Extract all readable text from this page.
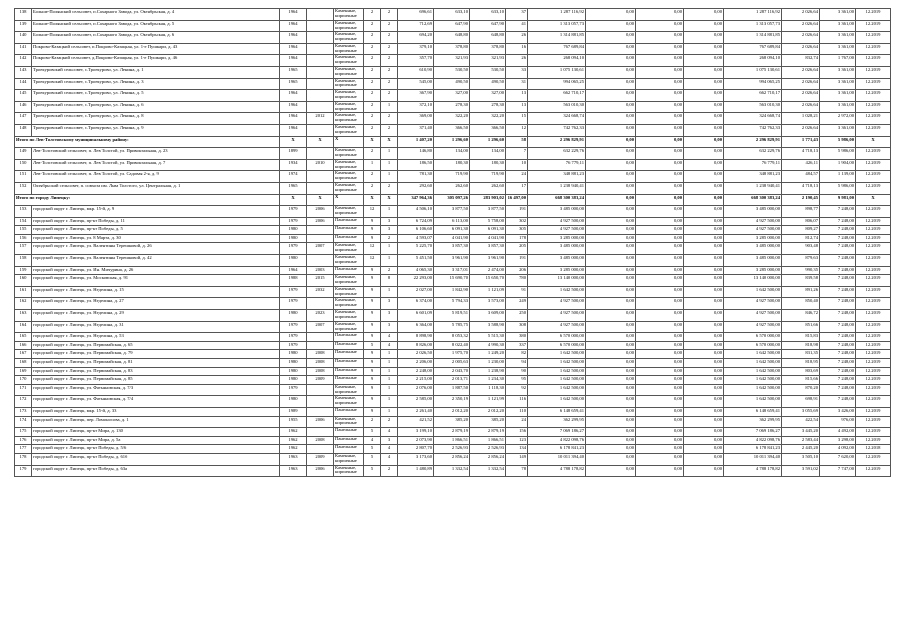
138	Больше-Полянский сельсовет, п.Сахарного Завода, ул. Октябрьская, д. 4	1964		Каменные, кирпичные	2	2	696,61	633,10	633,10	37	1 287 116,92	0,00	0,00	0,00	1 287 116,92	2 026,64	3 361,00	12.2019
139	Больше-Полянский сельсовет, п.Сахарного Завода, ул. Октябрьская, д. 5	1964		Каменные, кирпичные	2	2	712,69	647,90	647,90	41	1 313 057,73	0,00	0,00	0,00	1 313 057,73	2 026,64	3 361,00	12.2019
140	Больше-Полянский сельсовет, п.Сахарного Завода, ул. Октябрьская, д. 6	1964		Каменные, кирпичные	2	2	694,20	648,80	648,80	26	1 314 881,85	0,00	0,00	0,00	1 314 881,85	2 026,64	3 361,00	12.2019
141	Покрово-Казацкий сельсовет, п.Покрово-Казацкая, ул. 1-е Пушкари, д. 43	1964		Каменные, кирпичные	2	2	379,10	378,80	378,80	16	767 689,84	0,00	0,00	0,00	767 689,84	2 026,64	3 361,00	12.2019
142	Покрово-Казацкий сельсовет, д.Покрово-Казацкая, ул. 1-е Пушкари, д. 46	1964		Каменные, кирпичные	2	2	357,70	321,93	321,93	26	268 094,10	0,00	0,00	0,00	268 094,10	832,74	1 767,00	12.2019
143	Троекуровский сельсовет, с.Троекурово, ул. Ленина, д. 1	1965		Каменные, кирпичные	2	2	610,90	530,50	530,50	33	1 075 130,61	0,00	0,00	0,00	1 075 130,61	2 026,64	3 361,00	12.2019
144	Троекуровский сельсовет, с.Троекурово, ул. Ленина, д. 3	1965		Каменные, кирпичные	2	2	545,00	490,50	490,50	31	994 065,25	0,00	0,00	0,00	994 065,25	2 026,64	3 361,00	12.2019
145	Троекуровский сельсовет, с.Троекурово, ул. Ленина, д. 5	1964		Каменные, кирпичные	2	2	367,90	327,00	327,00	13	662 710,17	0,00	0,00	0,00	662 710,17	2 026,64	3 361,00	12.2019
146	Троекуровский сельсовет, с.Троекурово, ул. Ленина, д. 6	1964		Каменные, кирпичные	2	1	372,10	278,30	278,30	13	563 010,30	0,00	0,00	0,00	563 010,30	2 026,64	3 361,00	12.2019
147	Троекуровский сельсовет, с.Троекурово, ул. Ленина, д. 8	1964	2012	Каменные, кирпичные	2	2	369,00	322,20	322,20	15	324 668,74	0,00	0,00	0,00	324 668,74	1 028,21	2 972,00	12.2019
148	Троекуровский сельсовет, с.Троекурово, ул. Ленина, д. 9	1964		Каменные, кирпичные	2	2	371,40	366,50	366,50	12	742 762,33	0,00	0,00	0,00	742 762,33	2 026,64	3 361,00	12.2019
Итого по Лев-Толстовскому муниципальному району:		X	X	X	X	X	1 407,20	1 296,60	1 296,60	58	2 296 829,91	0,00	0,00	0,00	2 296 829,91	1 771,43	5 986,00	X
149	Лев-Толстовский сельсовет, п. Лев Толстой, ул. Привокзальная, д. 23	1899		Каменные, кирпичные	2	1	146,80	134,00	134,00	7	632 229,76	0,00	0,00	0,00	632 229,76	4 718,13	5 986,00	12.2019
150	Лев-Толстовский сельсовет, п. Лев Толстой, ул. Привокзальная, д. 7	1934	2010	Каменные, кирпичные	1	1	186,50	180,30	180,30	10	76 779,11	0,00	0,00	0,00	76 779,11	426,11	1 904,00	12.2019
151	Лев-Толстовский сельсовет, п. Лев Толстой, ул. Садовая 2-я, д. 9	1974		Каменные, кирпичные	2	1	781,30	719,90	719,90	24	348 881,23	0,00	0,00	0,00	348 881,23	484,57	1 139,00	12.2019
152	Октябрьский сельсовет, п. совхоза им. Льва Толстого, ул. Центральная, д. 1	1965		Каменные, кирпичные	2	2	292,60	262,60	262,60	17	1 238 940,41	0,00	0,00	0,00	1 238 940,41	4 718,13	5 986,00	12.2019
Итого по городу Липецку:		X	X	X	X	X	347 964,36	305 097,26	283 903,02	16 497,00	668 300 383,24	0,00	0,00	0,00	668 300 383,24	2 190,45	9 981,00	X
153	городской округ г. Липецк, мкр. 15-й, д. 9	1979	2006	Каменные, кирпичные	12	1	4 506,10	3 877,50	3 877,50	191	3 485 000,00	0,00	0,00	0,00	3 485 000,00	898,77	7 248,00	12.2019
154	городской округ г. Липецк, пр-кт Победы, д. 11	1979	2006	Панельные	9	3	6 724,09	6 113,00	5 758,00	302	4 927 500,00	0,00	0,00	0,00	4 927 500,00	806,07	7 248,00	12.2019
155	городской округ г. Липецк, пр-кт Победы, д. 5	1980		Панельные	9	3	6 106,60	6 091,30	6 091,30	305	4 927 500,00	0,00	0,00	0,00	4 927 500,00	809,27	7 248,00	12.2019
156	городской округ г. Липецк, ул. 8 Марта, д. 30	1980		Панельные	9	2	4 593,07	4 041,90	4 041,90	178	3 285 000,00	0,00	0,00	0,00	3 285 000,00	812,74	7 248,00	12.2019
157	городской округ г. Липецк, ул. Валентины Терешковой, д. 26	1979	2007	Каменные, кирпичные	12	1	5 225,70	3 857,30	3 857,30	205	3 485 000,00	0,00	0,00	0,00	3 485 000,00	903,48	7 248,00	12.2019
158	городской округ г. Липецк, ул. Валентины Терешковой, д. 42	1980		Каменные, кирпичные	12	1	5 451,50	3 961,90	3 961,90	191	3 485 000,00	0,00	0,00	0,00	3 485 000,00	879,63	7 248,00	12.2019
159	городской округ г. Липецк, ул. Ин. Мичурина, д. 26	1964	2003	Панельные	9	2	4 065,30	3 317,01	2 474,00	206	3 285 000,00	0,00	0,00	0,00	3 285 000,00	990,35	7 248,00	12.2019
160	городской округ г. Липецк, ул. Московская, д. 91	1988	2015	Каменные, кирпичные	9	8	22 293,00	15 690,70	15 650,70	780	13 140 000,00	0,00	0,00	0,00	13 140 000,00	839,58	7 248,00	12.2019
161	городской округ г. Липецк, ул. Неделина, д. 15	1979	2032	Каменные, кирпичные	9	1	2 027,00	1 842,90	1 121,09	91	1 642 500,00	0,00	0,00	0,00	1 642 500,00	891,26	7 248,00	12.2019
162	городской округ г. Липецк, ул. Неделина, д. 27	1979		Каменные, кирпичные	9	3	6 374,00	5 794,33	3 573,00	249	4 927 500,00	0,00	0,00	0,00	4 927 500,00	850,40	7 248,00	12.2019
163	городской округ г. Липецк, ул. Неделина, д. 29	1980	2023	Каменные, кирпичные	9	3	6 601,09	5 819,51	3 609,00	250	4 927 500,00	0,00	0,00	0,00	4 927 500,00	846,72	7 248,00	12.2019
164	городской округ г. Липецк, ул. Неделина, д. 31	1979	2007	Каменные, кирпичные	9	3	6 364,00	5 785,75	3 588,90	308	4 927 500,00	0,00	0,00	0,00	4 927 500,00	851,66	7 248,00	12.2019
165	городской округ г. Липецк, ул. Неделина, д. 53	1979		Панельные	9	4	8 898,90	8 053,32	5 515,30	380	6 570 000,00	0,00	0,00	0,00	6 570 000,00	815,83	7 248,00	12.2019
166	городской округ г. Липецк, ул. Первомайская, д. 65	1979		Панельные	5	4	8 826,00	8 022,40	4 990,30	337	6 570 000,00	0,00	0,00	0,00	6 570 000,00	818,98	7 248,00	12.2019
167	городской округ г. Липецк, ул. Первомайская, д. 79	1980	2008	Панельные	9	1	2 026,50	1 975,70	1 249,20	82	1 642 500,00	0,00	0,00	0,00	1 642 500,00	831,35	7 248,00	12.2019
168	городской округ г. Липецк, ул. Первомайская, д. 81	1980	2008	Панельные	9	1	2 206,00	2 005,63	1 230,00	94	1 642 500,00	0,00	0,00	0,00	1 642 500,00	818,95	7 248,00	12.2019
169	городской округ г. Липецк, ул. Первомайская, д. 83	1980	2008	Панельные	9	1	2 248,00	2 043,70	1 238,90	90	1 642 500,00	0,00	0,00	0,00	1 642 500,00	803,69	7 248,00	12.2019
170	городской округ г. Липецк, ул. Первомайская, д. 85	1980	2009	Панельные	9	1	2 215,00	2 013,71	1 234,30	95	1 642 500,00	0,00	0,00	0,00	1 642 500,00	815,66	7 248,00	12.2019
171	городской округ г. Липецк, ул. Фатьяновская, д. 7/3	1979		Каменные, кирпичные	9	1	2 076,00	1 887,50	1 118,30	92	1 642 500,00	0,00	0,00	0,00	1 642 500,00	870,20	7 248,00	12.2019
172	городской округ г. Липецк, ул. Фатьяновская, д. 7/4	1980		Каменные, кирпичные	9	1	2 585,00	2 350,19	1 121,99	116	1 642 500,00	0,00	0,00	0,00	1 642 500,00	698,91	7 248,00	12.2019
173	городской округ г. Липецк, мкр. 15-й, д. 33	1989		Панельные	9	1	2 261,40	2 012,20	2 012,20	110	6 148 659,41	0,00	0,00	0,00	6 148 659,41	3 055,69	3 426,00	12.2019
174	городской округ г. Липецк, пер. Ломоносова, д. 1	1955	2006	Каменные, кирпичные	2	2	421,52	385,20	385,20	24	362 299,95	0,00	0,00	0,00	362 299,95	422,54	976,00	12.2019
175	городской округ г. Липецк, пр-кт Мира, д. 130	1962		Панельные	5	4	3 199,10	2 879,19	2 879,19	156	7 069 186,27	0,00	0,00	0,00	7 069 186,27	3 445,20	4 492,00	12.2019
176	городской округ г. Липецк, пр-кт Мира, д. 5а	1962	2008	Панельные	4	3	2 073,90	1 866,51	1 866,51	123	4 822 098,76	0,00	0,00	0,00	4 822 098,76	2 583,44	3 298,00	12.2019
177	городской округ г. Липецк, пр-кт Победы, д. 5/6	1962		Панельные	5	4	2 807,70	2 526,93	2 526,93	134	6 178 841,23	0,00	0,00	0,00	6 178 841,23	2 445,20	4 092,00	12.2018
178	городской округ г. Липецк, пр-кт Победы, д. 61б	1963	2009	Каменные, кирпичные	5	4	3 173,60	2 856,24	2 856,24	149	10 011 394,40	0,00	0,00	0,00	10 011 394,40	3 505,10	7 620,00	12.2019
179	городской округ г. Липецк, пр-кт Победы, д. 63а	1963	2006	Каменные, кирпичные	5	2	1 480,89	1 332,54	1 332,54	78	4 788 178,82	0,00	0,00	0,00	4 788 178,82	3 591,02	7 747,00	12.2019
